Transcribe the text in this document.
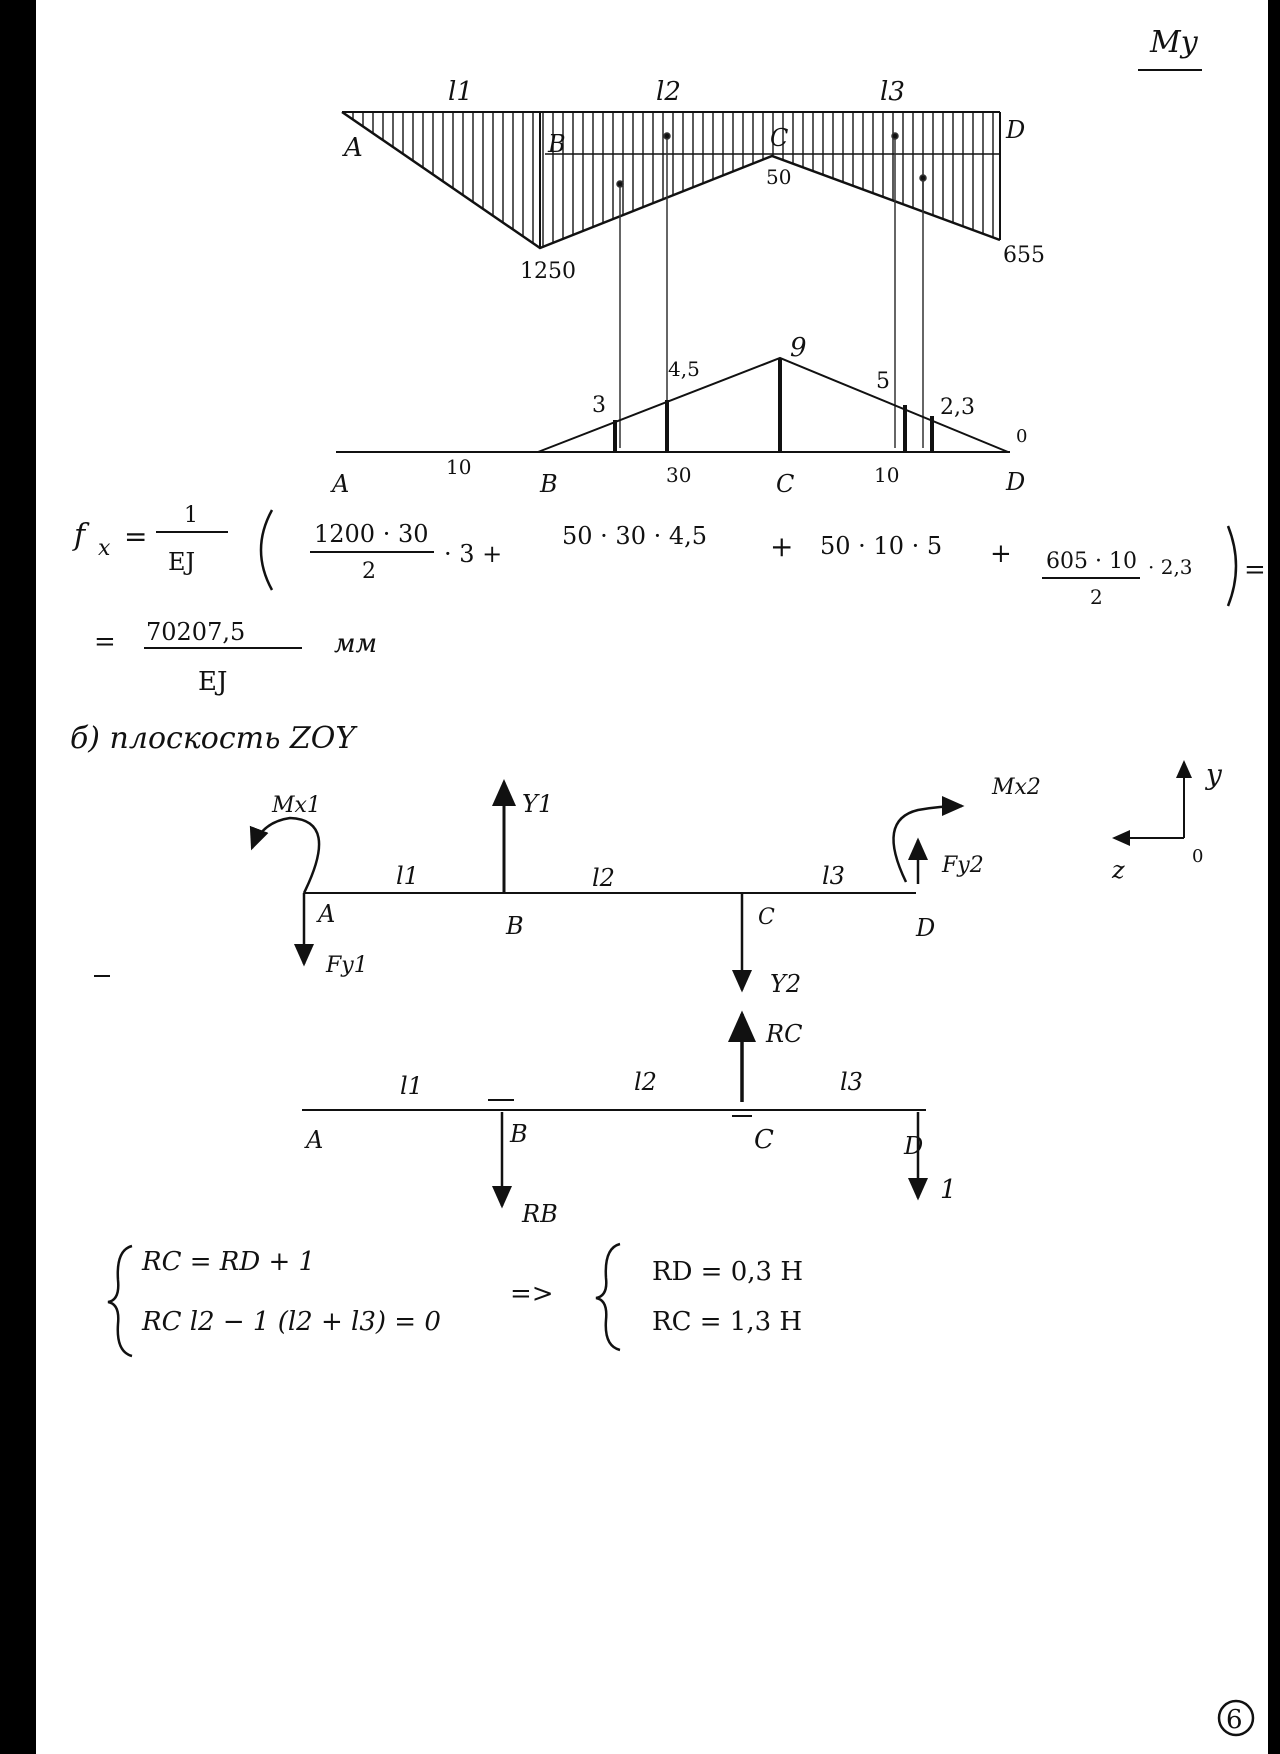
My
l1	l2	l3
A	B	C	D
1250
50
655
A	B	C	D
10	30	10
3
4,5
9
5
2,3
0
f x =
1
EJ
1200 · 30
2
· 3 +
50 · 30 · 4,5 + 50 · 10 · 5 + 605 · 10
2
· 2,3 =
= 70207,5
EJ
мм
б) плоскость ZOY
A	B	C	D
l1	l2	l3
Mx1
Mx2
Y1
Y2
Fy1
Fy2
y
z	0
A	B	C	D
l1	l2	l3
RC
RB
1
RC = RD + 1
RC l2 − 1 (l2 + l3) = 0
=>
RD = 0,3 Н
RC = 1,3 Н
6
